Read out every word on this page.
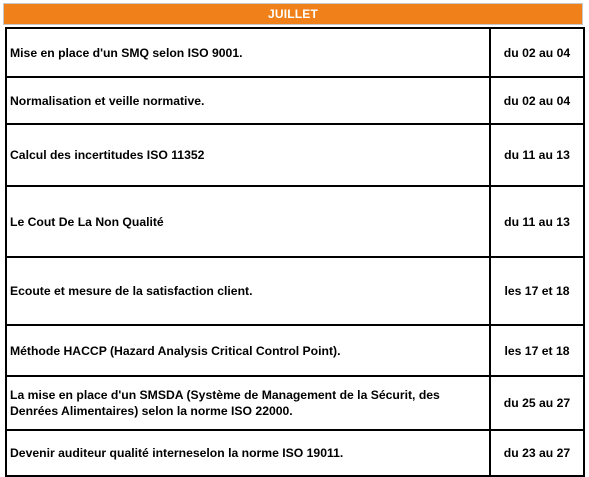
JUILLET
Mise en place d'un SMQ selon ISO 9001.	du 02 au 04
Normalisation et veille normative.	du 02 au 04
Calcul des incertitudes ISO 11352	du 11 au 13
Le Cout De La Non Qualité	du 11 au 13
Ecoute et mesure de la satisfaction client.	les 17 et 18
Méthode HACCP (Hazard Analysis Critical Control Point).	les 17 et 18
La mise en place d'un SMSDA (Système de Management de la Sécurit, des Denrées Alimentaires) selon la norme ISO 22000.	du 25 au 27
Devenir auditeur qualité interneselon la norme ISO 19011.	du 23 au 27
